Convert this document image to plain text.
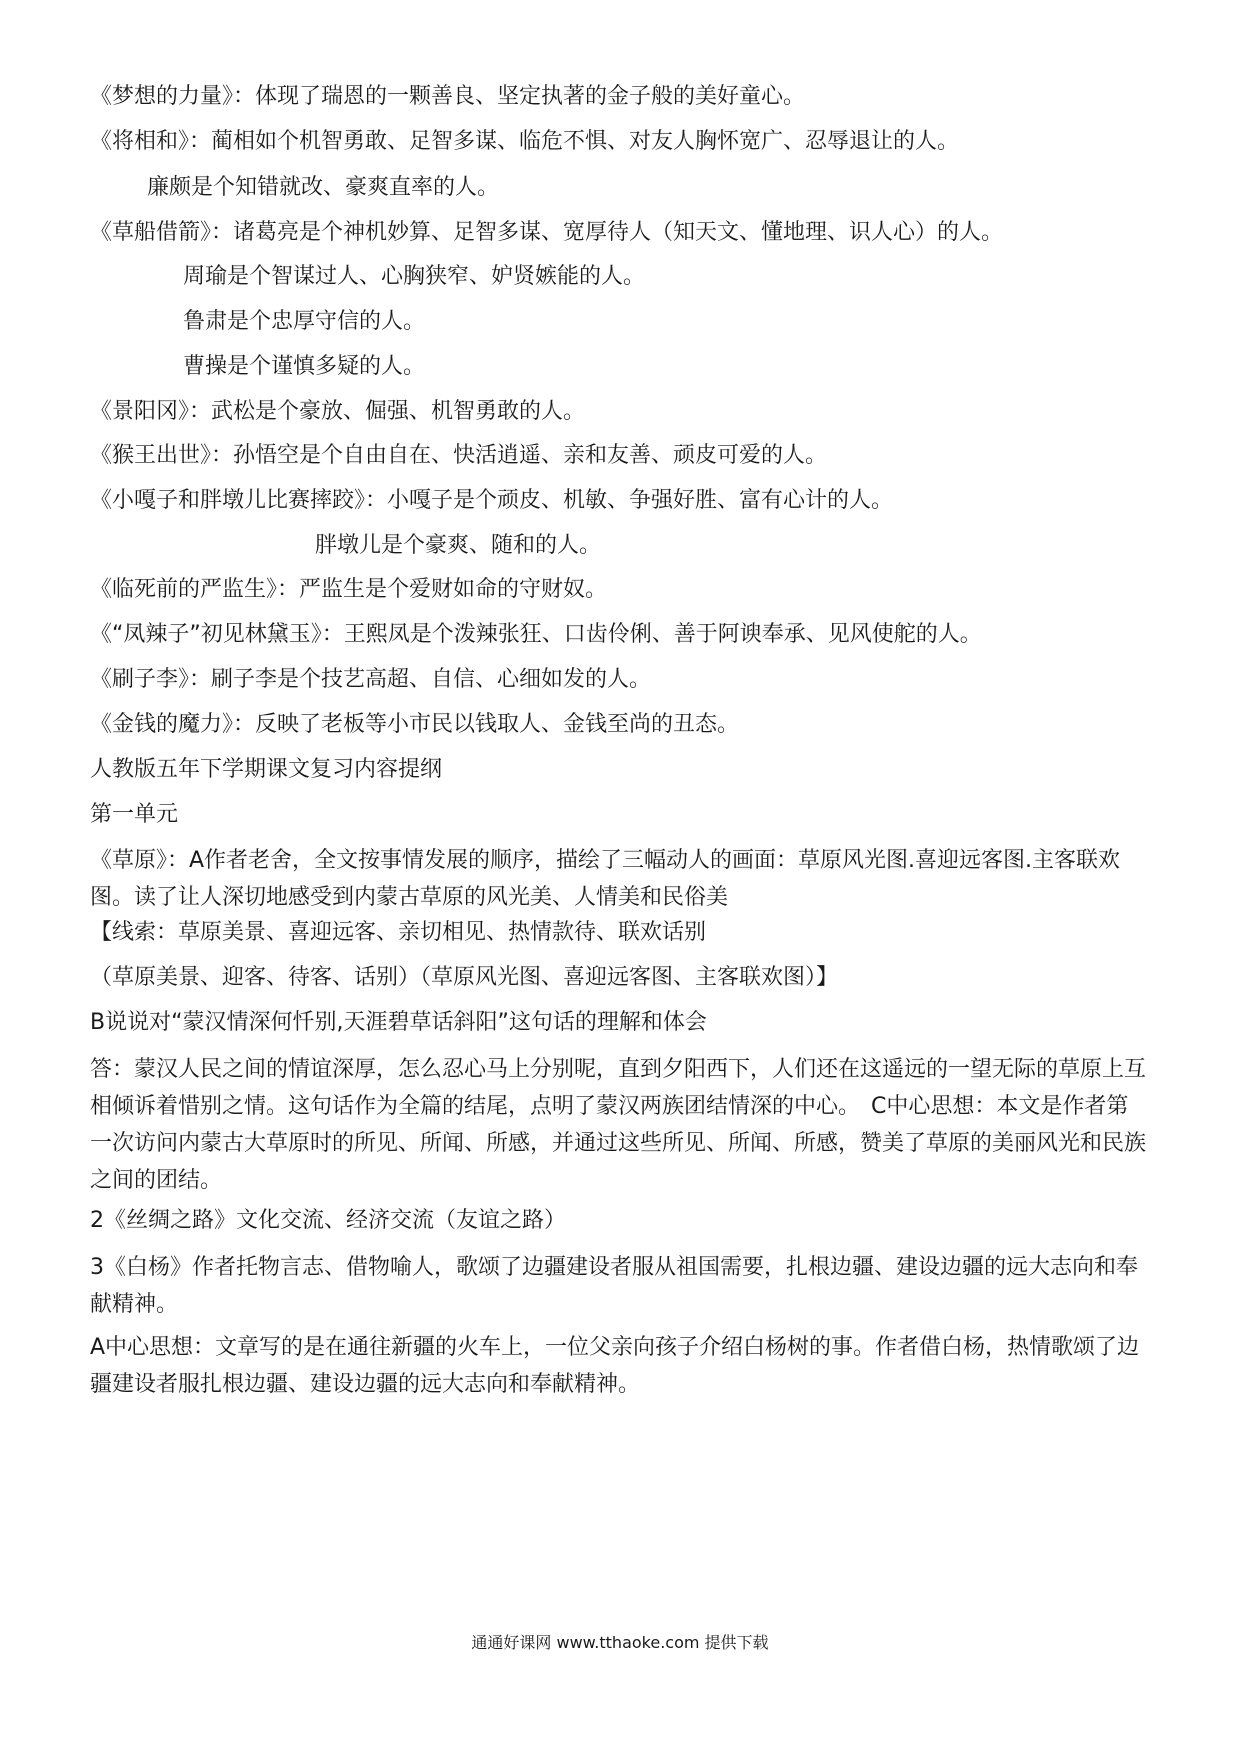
《梦想的力量》：体现了瑞恩的一颗善良、坚定执著的金子般的美好童心。
《将相和》：蔺相如个机智勇敢、足智多谋、临危不惧、对友人胸怀宽广、忍辱退让的人。
廉颇是个知错就改、豪爽直率的人。
《草船借箭》：诸葛亮是个神机妙算、足智多谋、宽厚待人（知天文、懂地理、识人心）的人。
周瑜是个智谋过人、心胸狭窄、妒贤嫉能的人。
鲁肃是个忠厚守信的人。
曹操是个谨慎多疑的人。
《景阳冈》：武松是个豪放、倔强、机智勇敢的人。
《猴王出世》：孙悟空是个自由自在、快活逍遥、亲和友善、顽皮可爱的人。
《小嘎子和胖墩儿比赛摔跤》：小嘎子是个顽皮、机敏、争强好胜、富有心计的人。
胖墩儿是个豪爽、随和的人。
《临死前的严监生》：严监生是个爱财如命的守财奴。
《“凤辣子”初见林黛玉》：王熙凤是个泼辣张狂、口齿伶俐、善于阿谀奉承、见风使舵的人。
《刷子李》：刷子李是个技艺高超、自信、心细如发的人。
《金钱的魔力》：反映了老板等小市民以钱取人、金钱至尚的丑态。
人教版五年下学期课文复习内容提纲
第一单元
《草原》：A作者老舍，全文按事情发展的顺序，描绘了三幅动人的画面：草原风光图.喜迎远客图.主客联欢图。读了让人深切地感受到内蒙古草原的风光美、人情美和民俗美
【线索：草原美景、喜迎远客、亲切相见、热情款待、联欢话别
（草原美景、迎客、待客、话别）（草原风光图、喜迎远客图、主客联欢图）】
B说说对“蒙汉情深何忏别,天涯碧草话斜阳”这句话的理解和体会
答：蒙汉人民之间的情谊深厚，怎么忍心马上分别呢，直到夕阳西下，人们还在这遥远的一望无际的草原上互相倾诉着惜别之情。这句话作为全篇的结尾，点明了蒙汉两族团结情深的中心。　C中心思想：本文是作者第一次访问内蒙古大草原时的所见、所闻、所感，并通过这些所见、所闻、所感，赞美了草原的美丽风光和民族之间的团结。
2《丝绸之路》文化交流、经济交流（友谊之路）
3《白杨》作者托物言志、借物喻人，歌颂了边疆建设者服从祖国需要，扎根边疆、建设边疆的远大志向和奉献精神。
A中心思想：文章写的是在通往新疆的火车上，一位父亲向孩子介绍白杨树的事。作者借白杨，热情歌颂了边疆建设者服扎根边疆、建设边疆的远大志向和奉献精神。
通通好课网 www.tthaoke.com 提供下载
